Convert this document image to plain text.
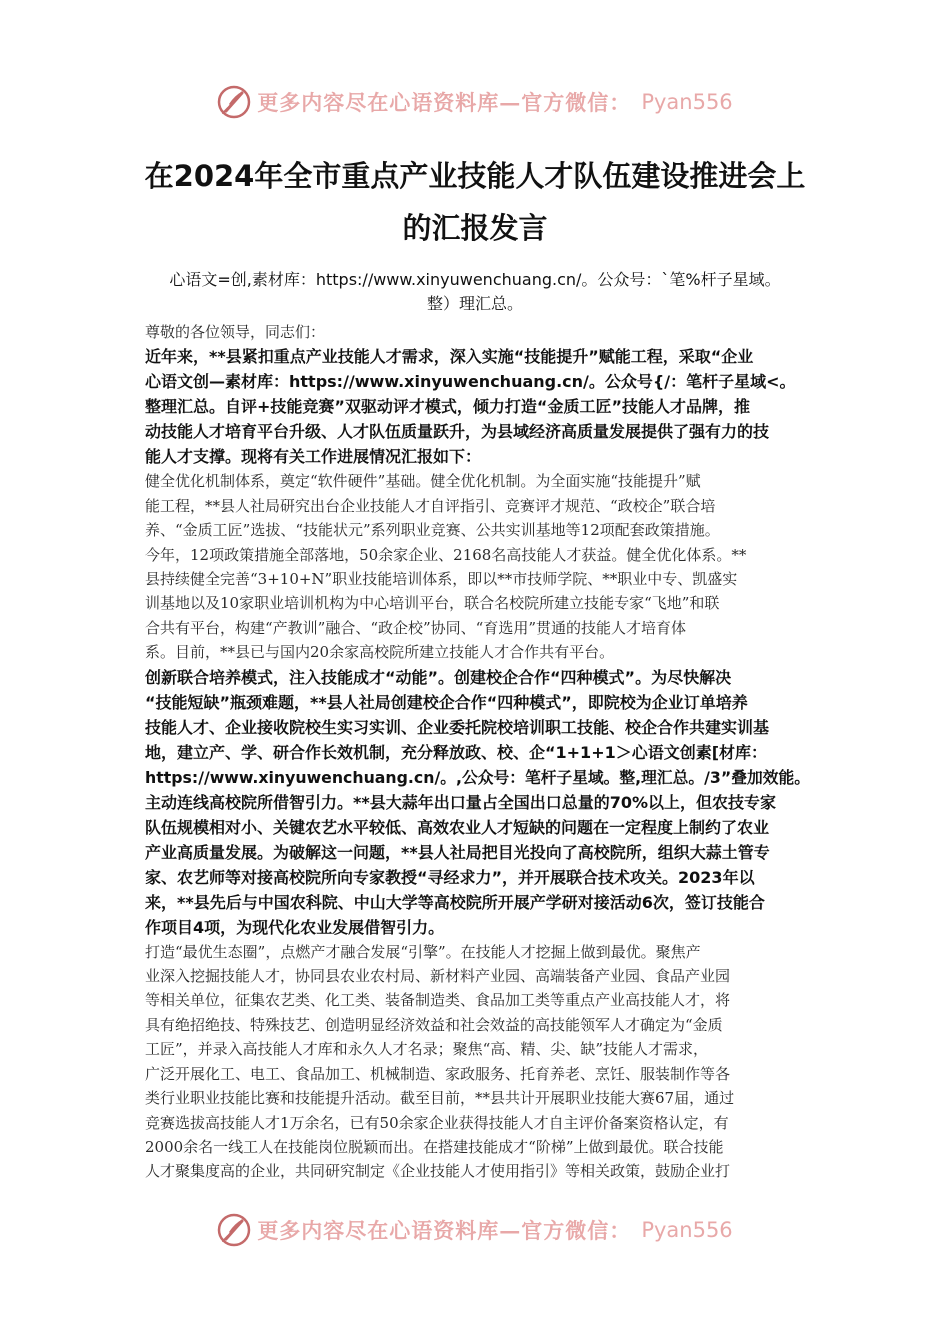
更多内容尽在心语资料库—官方微信： Pyan556
在2024年全市重点产业技能人才队伍建设推进会上
的汇报发言
心语文=创,素材库：https://www.xinyuwenchuang.cn/。公众号：`笔%杆子星域。
整）理汇总。

尊敬的各位领导，同志们：

近年来，**县紧扣重点产业技能人才需求，深入实施“技能提升”赋能工程，采取“企业
心语文创—素材库：https://www.xinyuwenchuang.cn/。公众号{/：笔杆子星域<。
整理汇总。自评+技能竞赛”双驱动评才模式，倾力打造“金质工匠”技能人才品牌，推
动技能人才培育平台升级、人才队伍质量跃升，为县域经济高质量发展提供了强有力的技
能人才支撑。现将有关工作进展情况汇报如下：

健全优化机制体系，奠定“软件硬件”基础。健全优化机制。为全面实施“技能提升”赋
能工程，**县人社局研究出台企业技能人才自评指引、竞赛评才规范、“政校企”联合培
养、“金质工匠”选拔、“技能状元”系列职业竞赛、公共实训基地等12项配套政策措施。
今年，12项政策措施全部落地，50余家企业、2168名高技能人才获益。健全优化体系。**
县持续健全完善“3+10+N”职业技能培训体系，即以**市技师学院、**职业中专、凯盛实
训基地以及10家职业培训机构为中心培训平台，联合名校院所建立技能专家“飞地”和联
合共有平台，构建“产教训”融合、“政企校”协同、“育选用”贯通的技能人才培育体
系。目前，**县已与国内20余家高校院所建立技能人才合作共有平台。

创新联合培养模式，注入技能成才“动能”。创建校企合作“四种模式”。为尽快解决
“技能短缺”瓶颈难题，**县人社局创建校企合作“四种模式”，即院校为企业订单培养
技能人才、企业接收院校生实习实训、企业委托院校培训职工技能、校企合作共建实训基
地，建立产、学、研合作长效机制，充分释放政、校、企“1+1+1＞心语文创素[材库：
https://www.xinyuwenchuang.cn/。,公众号：笔杆子星域。整,理汇总。/3”叠加效能。
主动连线高校院所借智引力。**县大蒜年出口量占全国出口总量的70%以上，但农技专家
队伍规模相对小、关键农艺水平较低、高效农业人才短缺的问题在一定程度上制约了农业
产业高质量发展。为破解这一问题，**县人社局把目光投向了高校院所，组织大蒜土管专
家、农艺师等对接高校院所向专家教授“寻经求力”，并开展联合技术攻关。2023年以
来，**县先后与中国农科院、中山大学等高校院所开展产学研对接活动6次，签订技能合
作项目4项，为现代化农业发展借智引力。

打造“最优生态圈”，点燃产才融合发展“引擎”。在技能人才挖掘上做到最优。聚焦产
业深入挖掘技能人才，协同县农业农村局、新材料产业园、高端装备产业园、食品产业园
等相关单位，征集农艺类、化工类、装备制造类、食品加工类等重点产业高技能人才，将
具有绝招绝技、特殊技艺、创造明显经济效益和社会效益的高技能领军人才确定为“金质
工匠”，并录入高技能人才库和永久人才名录；聚焦“高、精、尖、缺”技能人才需求，
广泛开展化工、电工、食品加工、机械制造、家政服务、托育养老、烹饪、服装制作等各
类行业职业技能比赛和技能提升活动。截至目前，**县共计开展职业技能大赛67届，通过
竞赛选拔高技能人才1万余名，已有50余家企业获得技能人才自主评价备案资格认定，有
2000余名一线工人在技能岗位脱颖而出。在搭建技能成才“阶梯”上做到最优。联合技能
人才聚集度高的企业，共同研究制定《企业技能人才使用指引》等相关政策，鼓励企业打

更多内容尽在心语资料库—官方微信： Pyan556
